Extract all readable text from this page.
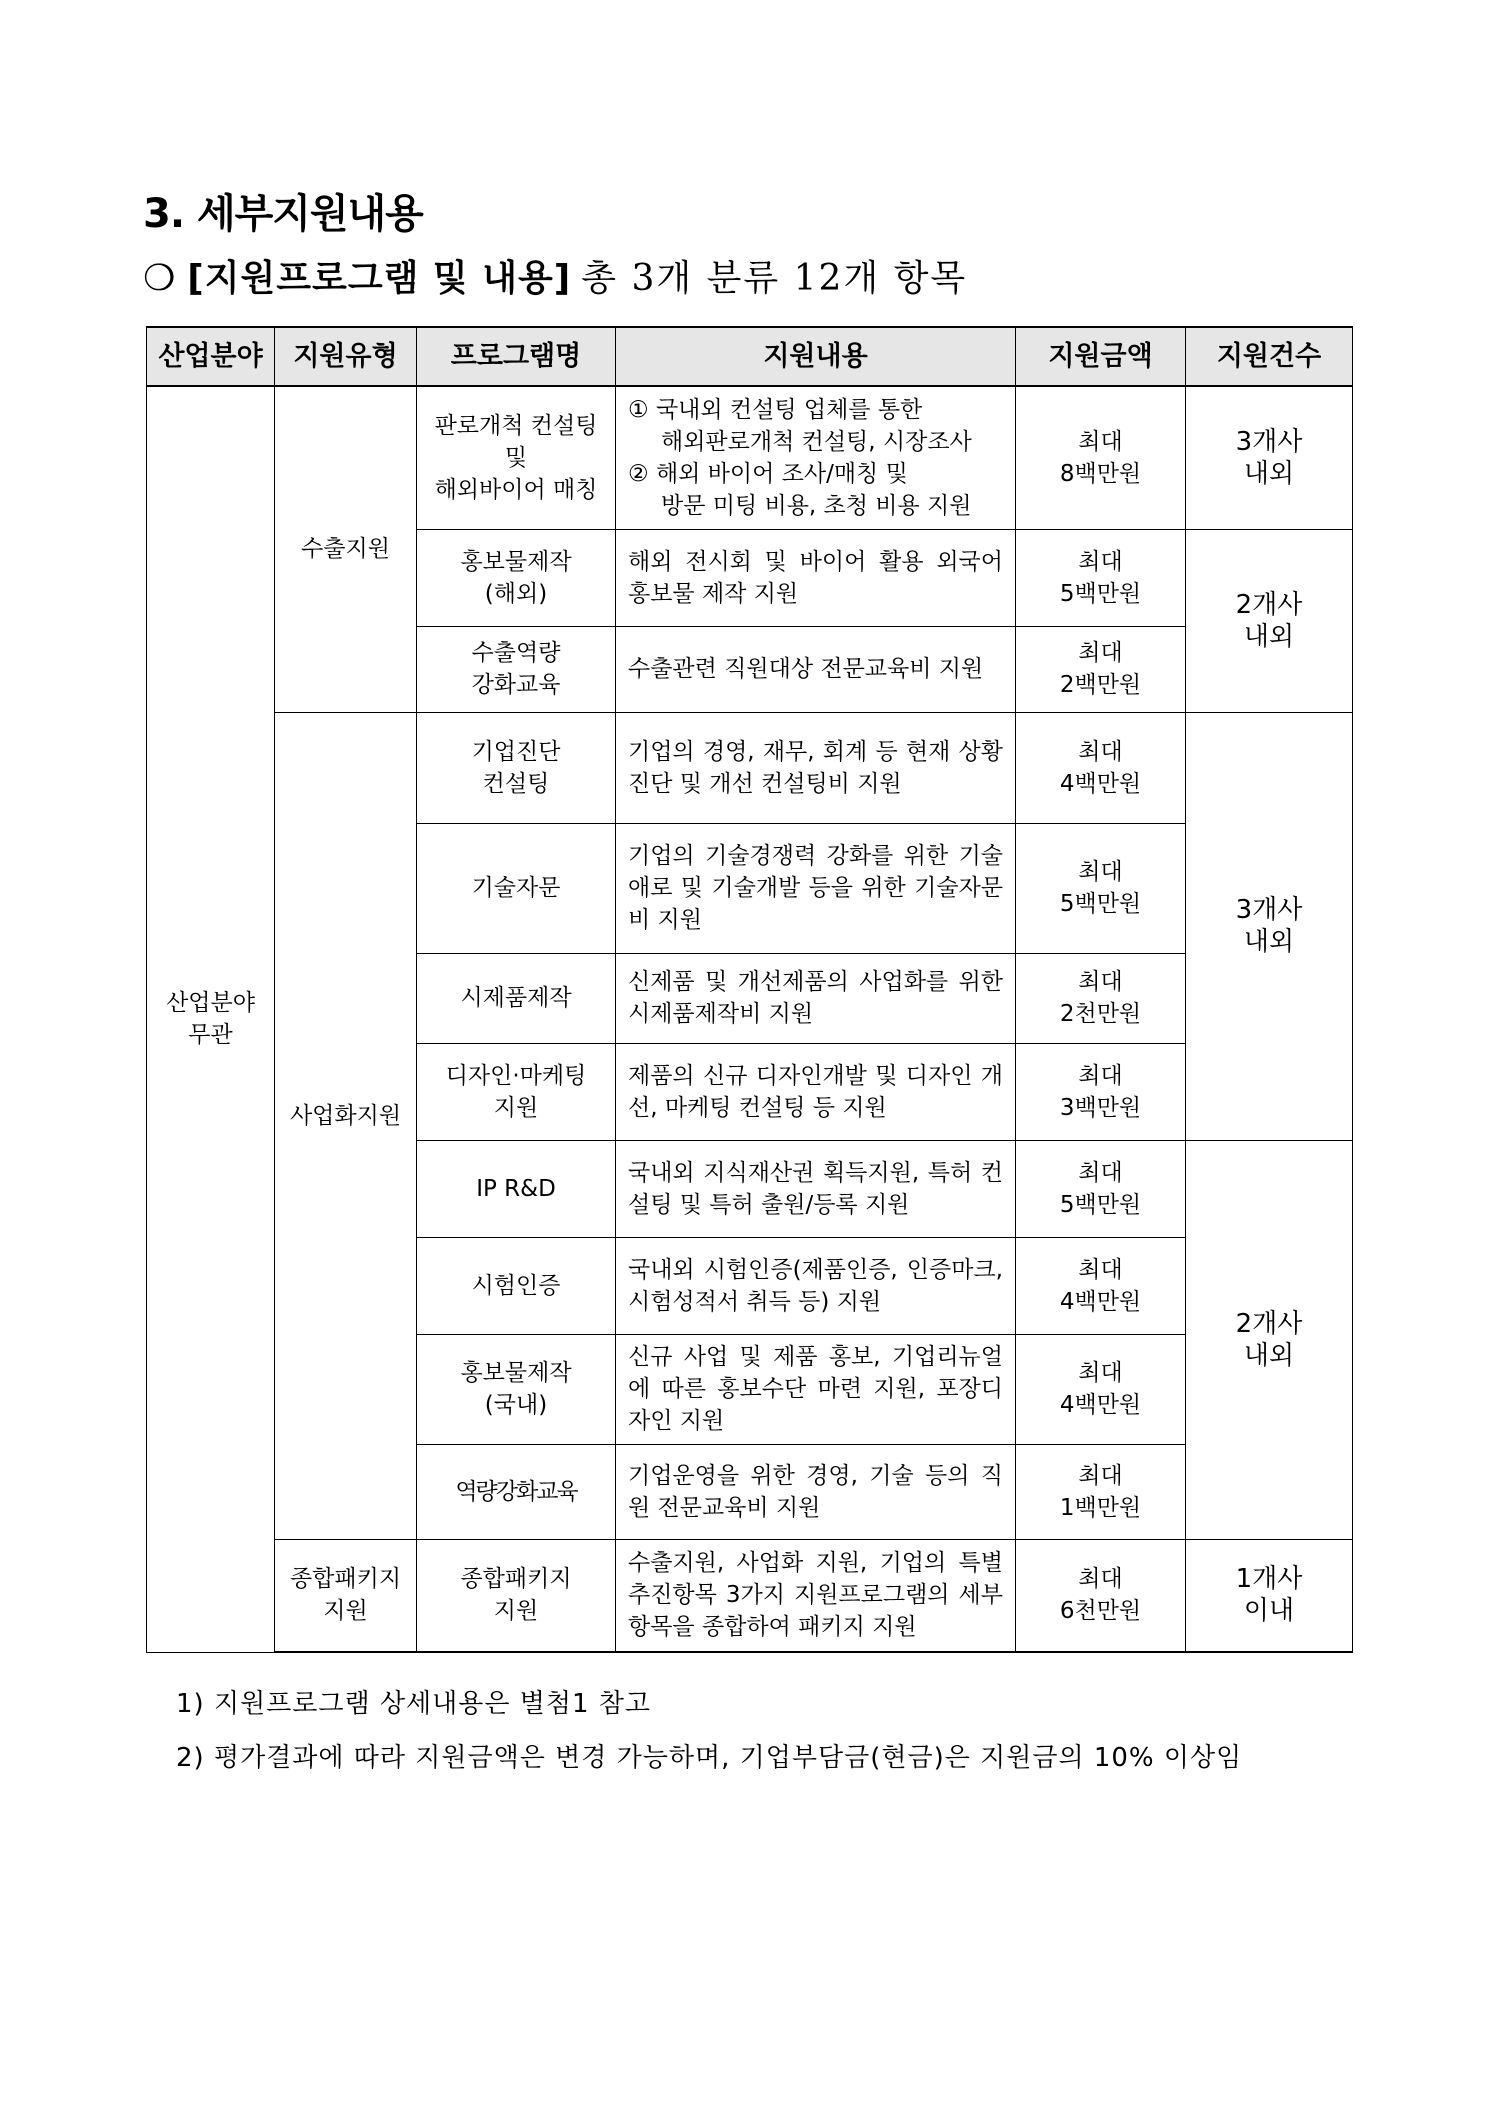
3. 세부지원내용
❍ [지원프로그램 및 내용] 총 3개 분류 12개 항목
산업분야	지원유형	프로그램명	지원내용	지원금액	지원건수

산업분야
무관	수출지원	판로개척 컨설팅
및
해외바이어 매칭	① 국내외 컨설팅 업체를 통한
해외판로개척 컨설팅, 시장조사
② 해외 바이어 조사/매칭 및
방문 미팅 비용, 초청 비용 지원	최대
8백만원	3개사
내외

		홍보물제작
(해외)	해외 전시회 및 바이어 활용 외국어 홍보물 제작 지원	최대
5백만원	2개사
내외

		수출역량
강화교육	수출관련 직원대상 전문교육비 지원	최대
2백만원	

	사업화지원	기업진단
컨설팅	기업의 경영, 재무, 회계 등 현재 상황 진단 및 개선 컨설팅비 지원	최대
4백만원	3개사
내외

		기술자문	기업의 기술경쟁력 강화를 위한 기술애로 및 기술개발 등을 위한 기술자문비 지원	최대
5백만원	

		시제품제작	신제품 및 개선제품의 사업화를 위한 시제품제작비 지원	최대
2천만원	

		디자인·마케팅
지원	제품의 신규 디자인개발 및 디자인 개선, 마케팅 컨설팅 등 지원	최대
3백만원	

		IP R&D	국내외 지식재산권 획득지원, 특허 컨설팅 및 특허 출원/등록 지원	최대
5백만원	2개사
내외

		시험인증	국내외 시험인증(제품인증, 인증마크, 시험성적서 취득 등) 지원	최대
4백만원	

		홍보물제작
(국내)	신규 사업 및 제품 홍보, 기업리뉴얼에 따른 홍보수단 마련 지원, 포장디자인 지원	최대
4백만원	

		역량강화교육	기업운영을 위한 경영, 기술 등의 직원 전문교육비 지원	최대
1백만원	

	종합패키지
지원	종합패키지
지원	수출지원, 사업화 지원, 기업의 특별추진항목 3가지 지원프로그램의 세부항목을 종합하여 패키지 지원	최대
6천만원	1개사
이내
1) 지원프로그램 상세내용은 별첨1 참고
2) 평가결과에 따라 지원금액은 변경 가능하며, 기업부담금(현금)은 지원금의 10% 이상임
